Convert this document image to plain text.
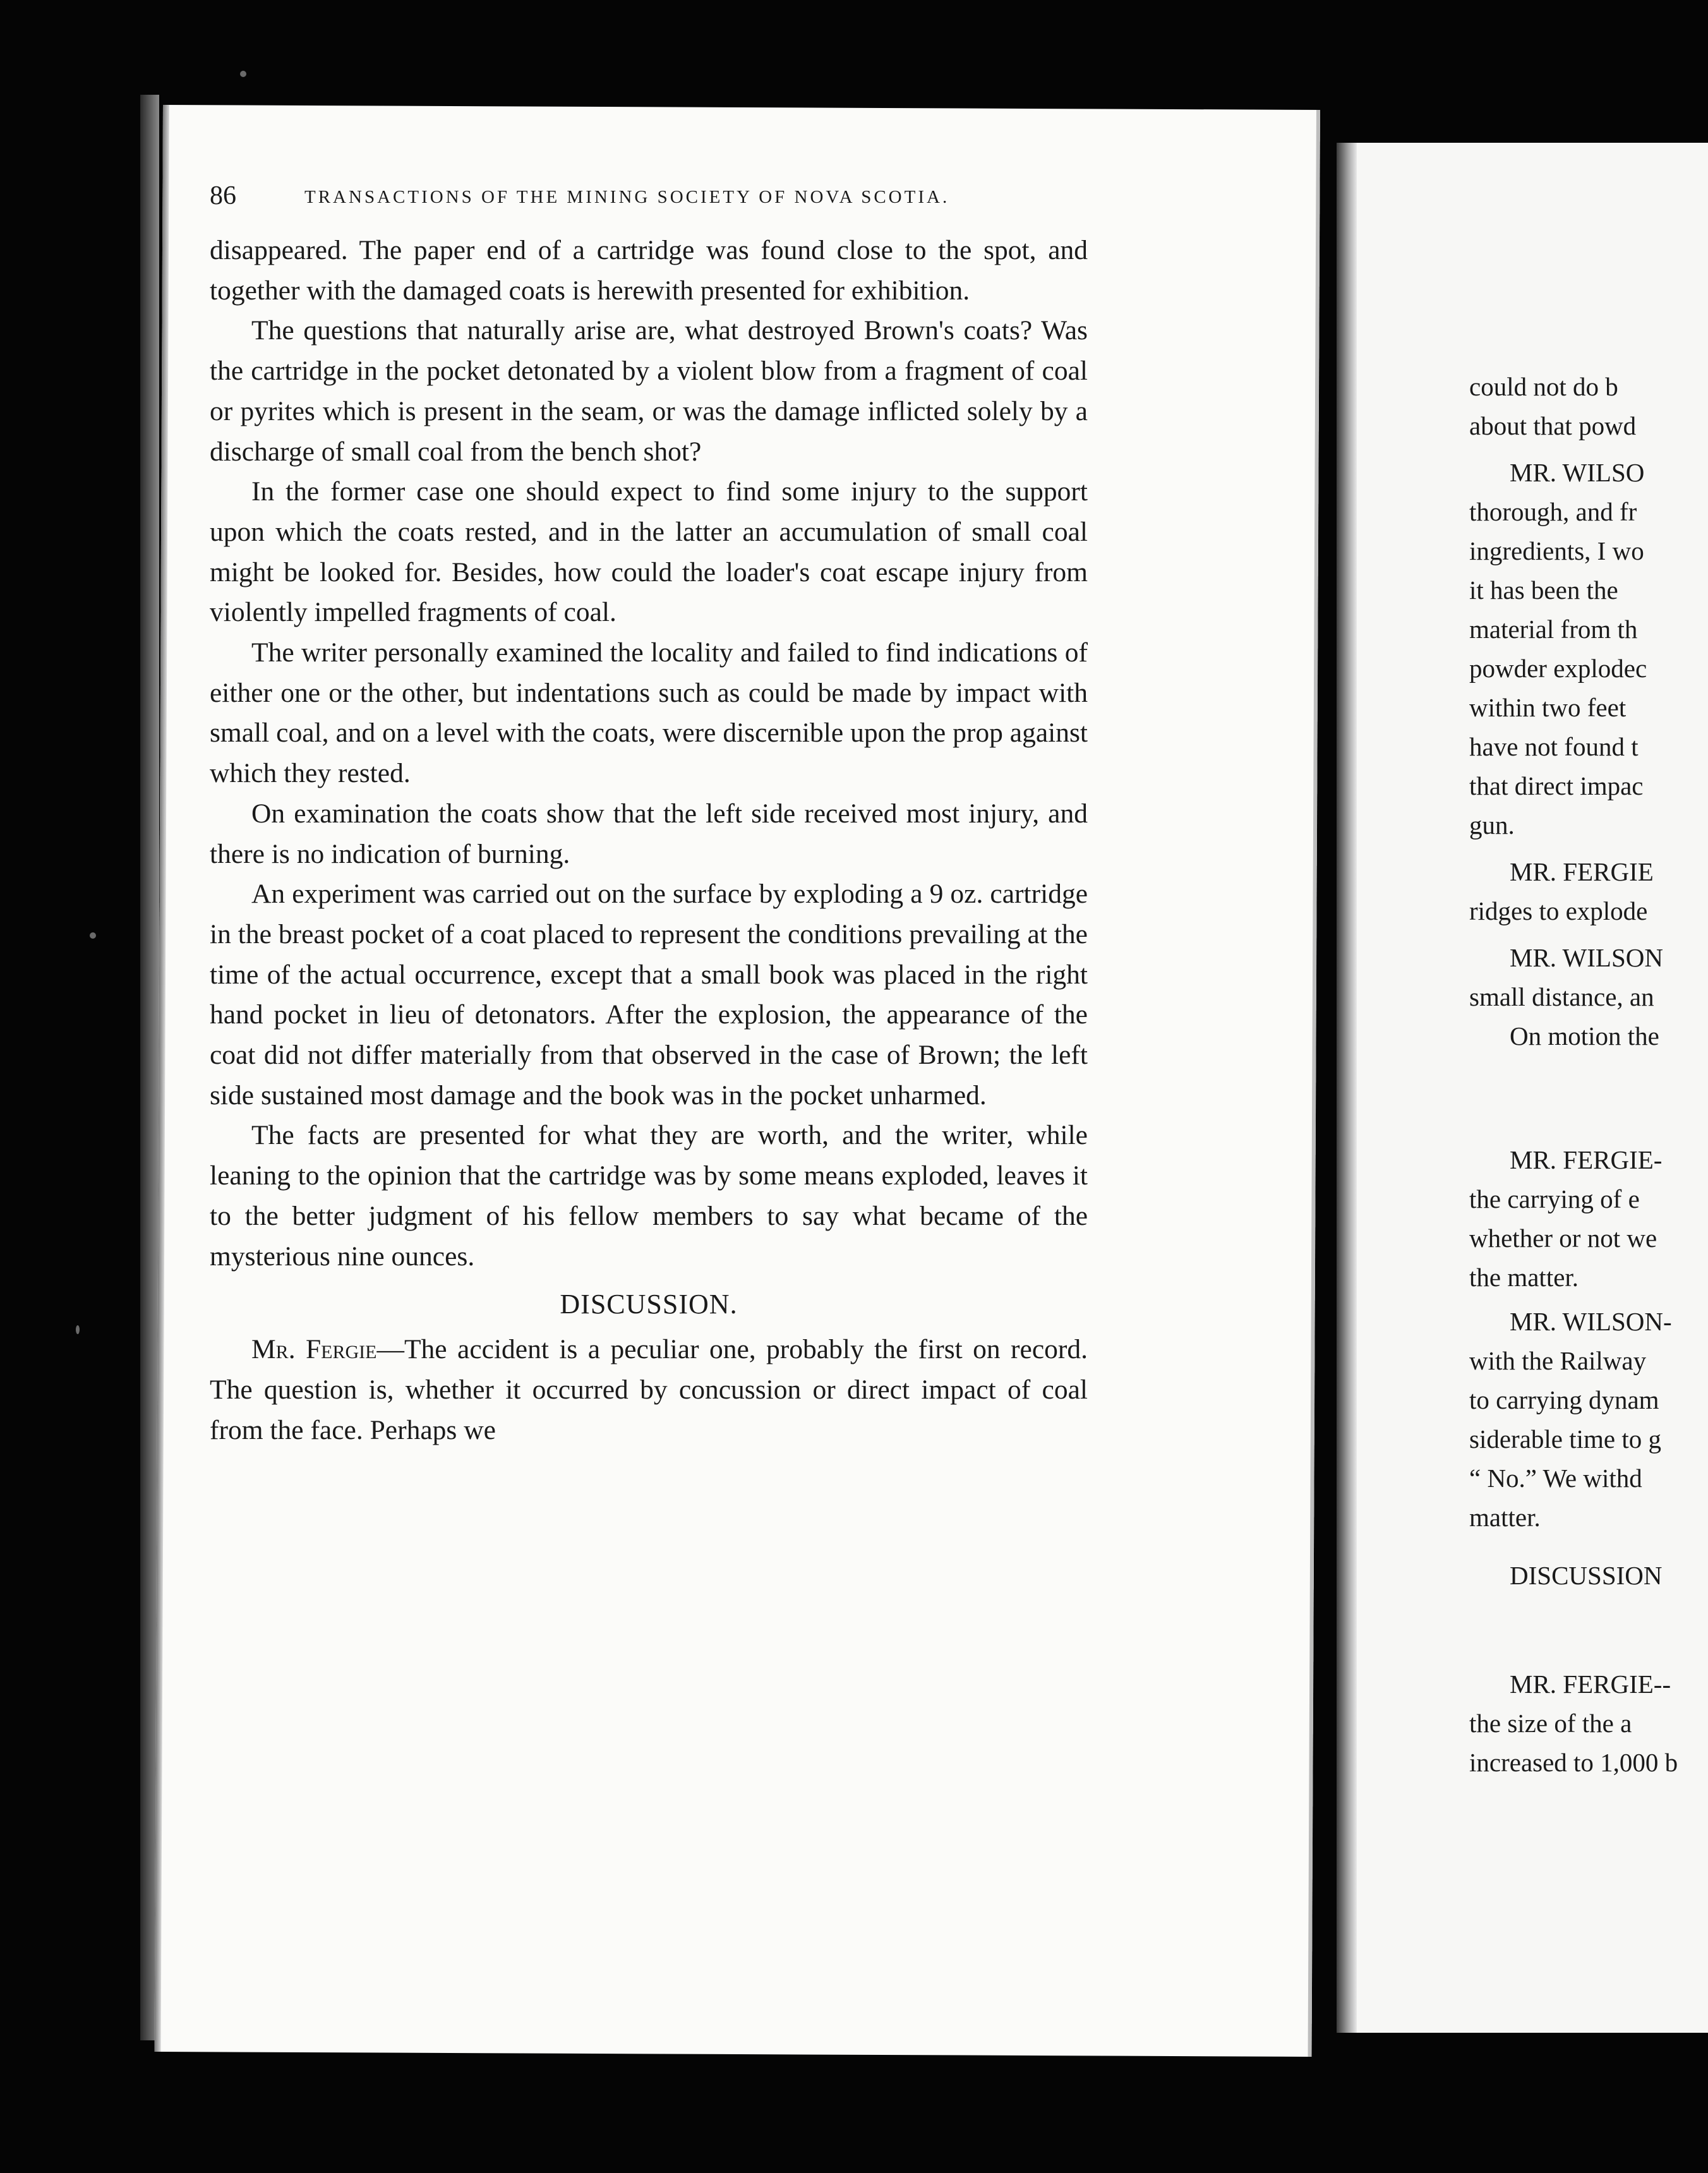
86	TRANSACTIONS OF THE MINING SOCIETY OF NOVA SCOTIA.

disappeared. The paper end of a cartridge was found close to the spot, and together with the damaged coats is herewith presented for exhibition.

The questions that naturally arise are, what destroyed Brown's coats? Was the cartridge in the pocket detonated by a violent blow from a fragment of coal or pyrites which is present in the seam, or was the damage inflicted solely by a discharge of small coal from the bench shot?

In the former case one should expect to find some injury to the support upon which the coats rested, and in the latter an accumulation of small coal might be looked for. Besides, how could the loader's coat escape injury from violently impelled fragments of coal.

The writer personally examined the locality and failed to find indications of either one or the other, but indentations such as could be made by impact with small coal, and on a level with the coats, were discernible upon the prop against which they rested.

On examination the coats show that the left side received most injury, and there is no indication of burning.

An experiment was carried out on the surface by exploding a 9 oz. cartridge in the breast pocket of a coat placed to represent the conditions prevailing at the time of the actual occurrence, except that a small book was placed in the right hand pocket in lieu of detonators. After the explosion, the appearance of the coat did not differ materially from that observed in the case of Brown; the left side sustained most damage and the book was in the pocket unharmed.

The facts are presented for what they are worth, and the writer, while leaning to the opinion that the cartridge was by some means exploded, leaves it to the better judgment of his fellow members to say what became of the mysterious nine ounces.

DISCUSSION.

Mr. Fergie—The accident is a peculiar one, probably the first on record. The question is, whether it occurred by concussion or direct impact of coal from the face. Perhaps we

could not do b
about that powd
MR. WILSO
thorough, and fr
ingredients, I wo
it has been the
material from th
powder explodec
within two feet
have not found t
that direct impac
gun.
MR. FERGIE
ridges to explode
MR. WILSON
small distance, an
On motion the
MR. FERGIE-
the carrying of e
whether or not we
the matter.
MR. WILSON-
with the Railway
to carrying dynam
siderable time to g
“ No.” We withd
matter.
DISCUSSION
MR. FERGIE--
the size of the a
increased to 1,000 b
